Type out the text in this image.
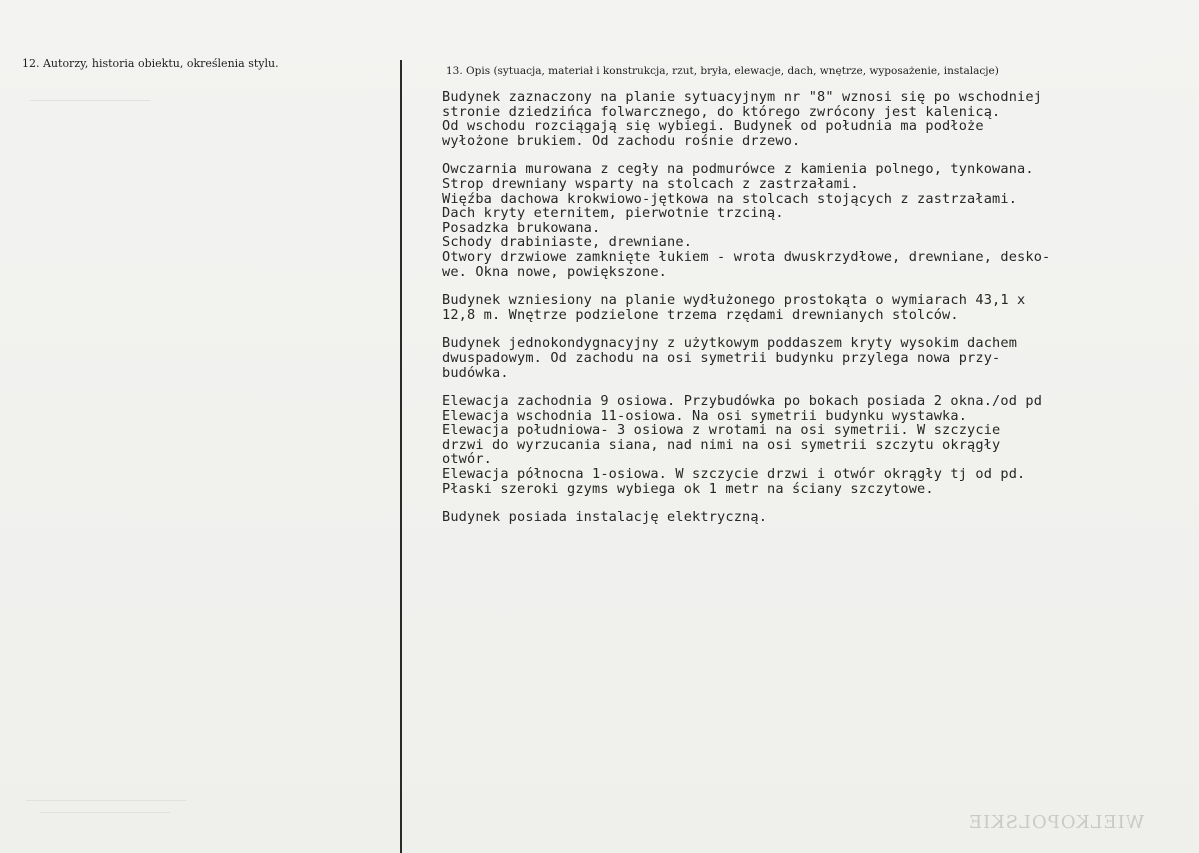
12. Autorzy, historia obiektu, określenia stylu.
13. Opis (sytuacja, materiał i konstrukcja, rzut, bryła, elewacje, dach, wnętrze, wyposażenie, instalacje)
Budynek zaznaczony na planie sytuacyjnym nr "8" wznosi się po wschodniej
stronie dziedzińca folwarcznego, do którego zwrócony jest kalenicą.
Od wschodu rozciągają się wybiegi. Budynek od południa ma podłoże
wyłożone brukiem. Od zachodu rośnie drzewo.
Owczarnia murowana z cegły na podmurówce z kamienia polnego, tynkowana.
Strop drewniany wsparty na stolcach z zastrzałami.
Więźba dachowa krokwiowo-jętkowa na stolcach stojących z zastrzałami.
Dach kryty eternitem, pierwotnie trzciną.
Posadzka brukowana.
Schody drabiniaste, drewniane.
Otwory drzwiowe zamknięte łukiem - wrota dwuskrzydłowe, drewniane, desko-
we. Okna nowe, powiększone.
Budynek wzniesiony na planie wydłużonego prostokąta o wymiarach 43,1 x
12,8 m. Wnętrze podzielone trzema rzędami drewnianych stolców.
Budynek jednokondygnacyjny z użytkowym poddaszem kryty wysokim dachem
dwuspadowym. Od zachodu na osi symetrii budynku przylega nowa przy-
budówka.
Elewacja zachodnia 9 osiowa. Przybudówka po bokach posiada 2 okna./od pd
Elewacja wschodnia 11-osiowa. Na osi symetrii budynku wystawka.
Elewacja południowa- 3 osiowa z wrotami na osi symetrii. W szczycie
drzwi do wyrzucania siana, nad nimi na osi symetrii szczytu okrągły
otwór.
Elewacja północna 1-osiowa. W szczycie drzwi i otwór okrągły tj od pd.
Płaski szeroki gzyms wybiega ok 1 metr na ściany szczytowe.
Budynek posiada instalację elektryczną.
WIELKOPOLSKIE
